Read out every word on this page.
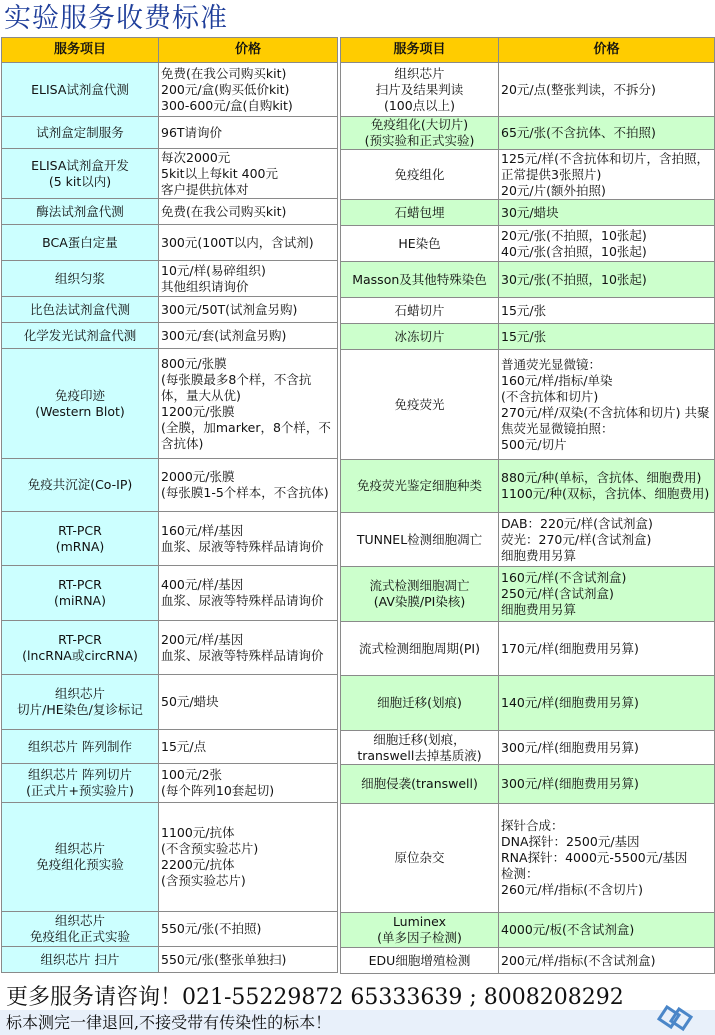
实验服务收费标准
服务项目	价格
ELISA试剂盒代测	免费(在我公司购买kit)
200元/盒(购买低价kit)
300-600元/盒(自购kit)
试剂盒定制服务	96T请询价
ELISA试剂盒开发
(5 kit以内)	每次2000元
5kit以上每kit 400元
客户提供抗体对
酶法试剂盒代测	免费(在我公司购买kit)
BCA蛋白定量	300元(100T以内，含试剂)
组织匀浆	10元/样(易碎组织)
其他组织请询价
比色法试剂盒代测	300元/50T(试剂盒另购)
化学发光试剂盒代测	300元/套(试剂盒另购)
免疫印迹
(Western Blot)	800元/张膜
(每张膜最多8个样，不含抗体，量大从优)
1200元/张膜
(全膜，加marker，8个样，不含抗体)
免疫共沉淀(Co-IP)	2000元/张膜
(每张膜1-5个样本，不含抗体)
RT-PCR
(mRNA)	160元/样/基因
血浆、尿液等特殊样品请询价
RT-PCR
(miRNA)	400元/样/基因
血浆、尿液等特殊样品请询价
RT-PCR
(lncRNA或circRNA)	200元/样/基因
血浆、尿液等特殊样品请询价
组织芯片
切片/HE染色/复诊标记	50元/蜡块
组织芯片 阵列制作	15元/点
组织芯片 阵列切片
(正式片+预实验片)	100元/2张
(每个阵列10套起切)
组织芯片
免疫组化预实验	1100元/抗体
(不含预实验芯片)
2200元/抗体
(含预实验芯片)
组织芯片
免疫组化正式实验	550元/张(不拍照)
组织芯片 扫片	550元/张(整张单独扫)
服务项目	价格
组织芯片
扫片及结果判读
(100点以上)	20元/点(整张判读，不拆分)
免疫组化(大切片)
(预实验和正式实验)	65元/张(不含抗体、不拍照)
免疫组化	125元/样(不含抗体和切片，含拍照，正常提供3张照片)
20元/片(额外拍照)
石蜡包埋	30元/蜡块
HE染色	20元/张(不拍照，10张起)
40元/张(含拍照，10张起)
Masson及其他特殊染色	30元/张(不拍照，10张起)
石蜡切片	15元/张
冰冻切片	15元/张
免疫荧光	普通荧光显微镜：
160元/样/指标/单染
(不含抗体和切片)
270元/样/双染(不含抗体和切片) 共聚焦荧光显微镜拍照：
500元/切片
免疫荧光鉴定细胞种类	880元/种(单标，含抗体、细胞费用) 1100元/种(双标，含抗体、细胞费用)
TUNNEL检测细胞凋亡	DAB：220元/样(含试剂盒)
荧光：270元/样(含试剂盒)
细胞费用另算
流式检测细胞凋亡
(AV染膜/PI染核)	160元/样(不含试剂盒)
250元/样(含试剂盒)
细胞费用另算
流式检测细胞周期(PI)	170元/样(细胞费用另算)
细胞迁移(划痕)	140元/样(细胞费用另算)
细胞迁移(划痕，
transwell去掉基质液)	300元/样(细胞费用另算)
细胞侵袭(transwell)	300元/样(细胞费用另算)
原位杂交	探针合成：
DNA探针：2500元/基因
RNA探针：4000元-5500元/基因
检测：
260元/样/指标(不含切片)
Luminex
(单多因子检测)	4000元/板(不含试剂盒)
EDU细胞增殖检测	200元/样/指标(不含试剂盒)
更多服务请咨询！021-55229872 65333639 ; 8008208292
标本测完一律退回,不接受带有传染性的标本！
